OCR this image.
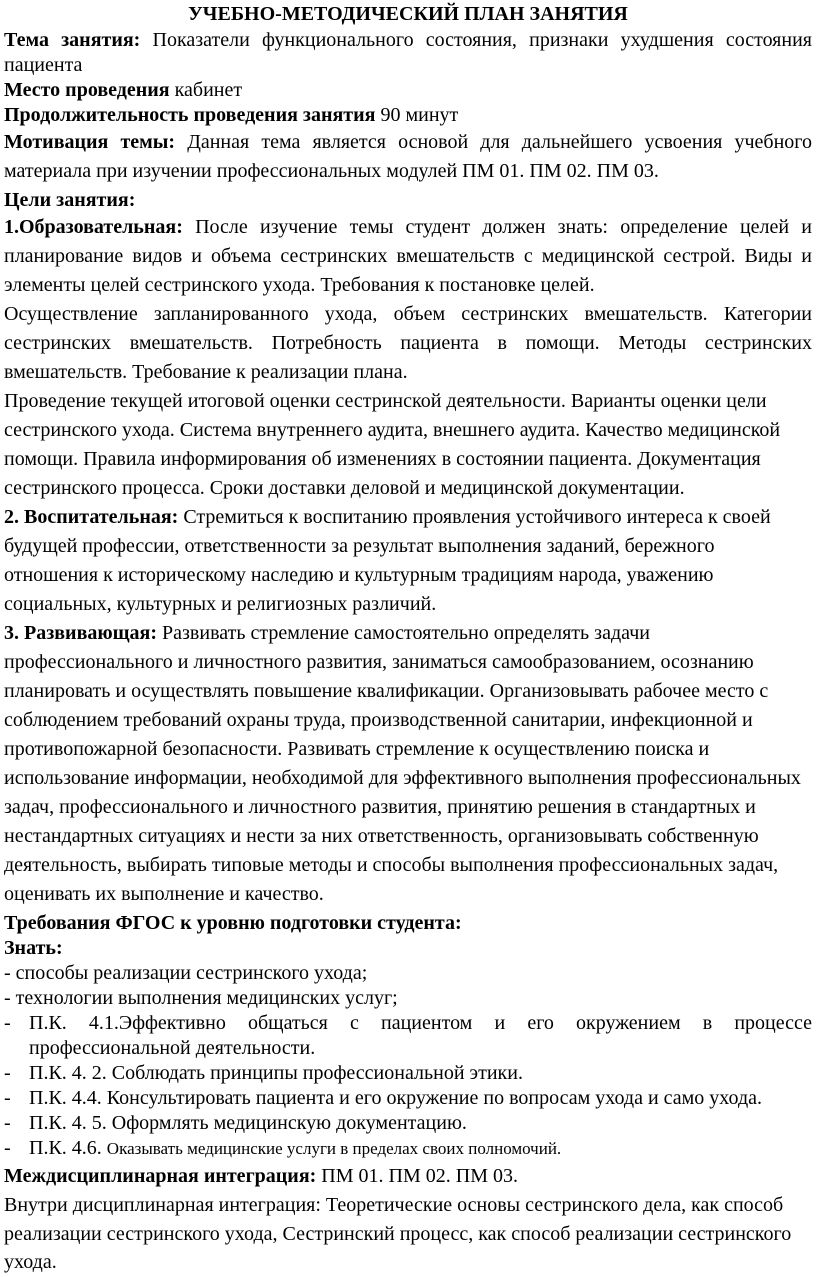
УЧЕБНО-МЕТОДИЧЕСКИЙ ПЛАН ЗАНЯТИЯ

Тема занятия: Показатели функционального состояния, признаки ухудшения состояния пациента

Место проведения кабинет

Продолжительность проведения занятия 90 минут

Мотивация темы: Данная тема является основой для дальнейшего усвоения учебного материала при изучении профессиональных модулей ПМ 01. ПМ 02. ПМ 03.

Цели занятия:

1.Образовательная: После изучение темы студент должен знать: определение целей и планирование видов и объема сестринских вмешательств с медицинской сестрой. Виды и элементы целей сестринского ухода. Требования к постановке целей.

Осуществление запланированного ухода, объем сестринских вмешательств. Категории сестринских вмешательств. Потребность пациента в помощи. Методы сестринских вмешательств. Требование к реализации плана.

Проведение текущей итоговой оценки сестринской деятельности. Варианты оценки цели сестринского ухода. Система внутреннего аудита, внешнего аудита. Качество медицинской помощи. Правила информирования об изменениях в состоянии пациента. Документация сестринского процесса. Сроки доставки деловой и медицинской документации.

2. Воспитательная: Стремиться к воспитанию проявления устойчивого интереса к своей будущей профессии, ответственности за результат выполнения заданий, бережного отношения к историческому наследию и культурным традициям народа, уважению социальных, культурных и религиозных различий.

3. Развивающая: Развивать стремление самостоятельно определять задачи профессионального и личностного развития, заниматься самообразованием, осознанию планировать и осуществлять повышение квалификации. Организовывать рабочее место с соблюдением требований охраны труда, производственной санитарии, инфекционной и противопожарной безопасности. Развивать стремление к осуществлению поиска и использование информации, необходимой для эффективного выполнения профессиональных задач, профессионального и личностного развития, принятию решения в стандартных и нестандартных ситуациях и нести за них ответственность, организовывать собственную деятельность, выбирать типовые методы и способы выполнения профессиональных задач, оценивать их выполнение и качество.

Требования ФГОС к уровню подготовки студента:

Знать:

- способы реализации сестринского ухода;

- технологии выполнения медицинских услуг;

- П.К. 4.1.Эффективно общаться с пациентом и его окружением в процессе профессиональной деятельности.
- П.К. 4. 2. Соблюдать принципы профессиональной этики.
- П.К. 4.4. Консультировать пациента и его окружение по вопросам ухода и само ухода.
- П.К. 4. 5. Оформлять медицинскую документацию.
- П.К. 4.6. Оказывать медицинские услуги в пределах своих полномочий.

Междисциплинарная интеграция: ПМ 01. ПМ 02. ПМ 03.

Внутри дисциплинарная интеграция: Теоретические основы сестринского дела, как способ реализации сестринского ухода, Сестринский процесс, как способ реализации сестринского ухода.
